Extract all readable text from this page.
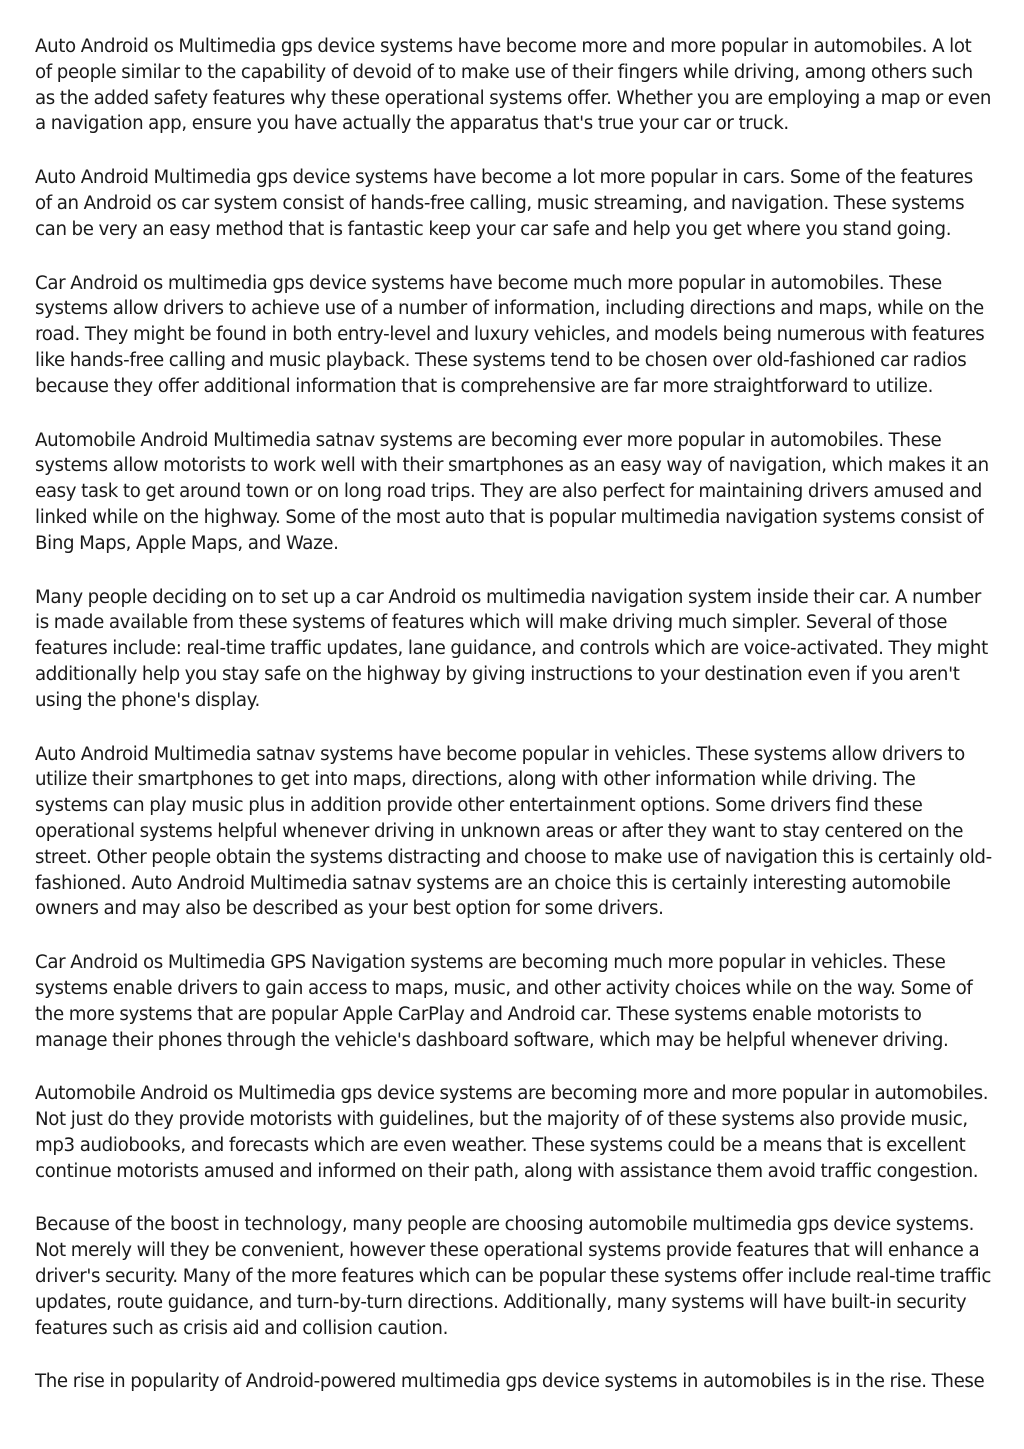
Auto Android os Multimedia gps device systems have become more and more popular in automobiles. A lot of people similar to the capability of devoid of to make use of their fingers while driving, among others such as the added safety features why these operational systems offer. Whether you are employing a map or even a navigation app, ensure you have actually the apparatus that's true your car or truck.

Auto Android Multimedia gps device systems have become a lot more popular in cars. Some of the features of an Android os car system consist of hands-free calling, music streaming, and navigation. These systems can be very an easy method that is fantastic keep your car safe and help you get where you stand going.

Car Android os multimedia gps device systems have become much more popular in automobiles. These systems allow drivers to achieve use of a number of information, including directions and maps, while on the road. They might be found in both entry-level and luxury vehicles, and models being numerous with features like hands-free calling and music playback. These systems tend to be chosen over old-fashioned car radios because they offer additional information that is comprehensive are far more straightforward to utilize.

Automobile Android Multimedia satnav systems are becoming ever more popular in automobiles. These systems allow motorists to work well with their smartphones as an easy way of navigation, which makes it an easy task to get around town or on long road trips. They are also perfect for maintaining drivers amused and linked while on the highway. Some of the most auto that is popular multimedia navigation systems consist of Bing Maps, Apple Maps, and Waze.

Many people deciding on to set up a car Android os multimedia navigation system inside their car. A number is made available from these systems of features which will make driving much simpler. Several of those features include: real-time traffic updates, lane guidance, and controls which are voice-activated. They might additionally help you stay safe on the highway by giving instructions to your destination even if you aren't using the phone's display.

Auto Android Multimedia satnav systems have become popular in vehicles. These systems allow drivers to utilize their smartphones to get into maps, directions, along with other information while driving. The systems can play music plus in addition provide other entertainment options. Some drivers find these operational systems helpful whenever driving in unknown areas or after they want to stay centered on the street. Other people obtain the systems distracting and choose to make use of navigation this is certainly old-fashioned. Auto Android Multimedia satnav systems are an choice this is certainly interesting automobile owners and may also be described as your best option for some drivers.

Car Android os Multimedia GPS Navigation systems are becoming much more popular in vehicles. These systems enable drivers to gain access to maps, music, and other activity choices while on the way. Some of the more systems that are popular Apple CarPlay and Android car. These systems enable motorists to manage their phones through the vehicle's dashboard software, which may be helpful whenever driving.

Automobile Android os Multimedia gps device systems are becoming more and more popular in automobiles. Not just do they provide motorists with guidelines, but the majority of of these systems also provide music, mp3 audiobooks, and forecasts which are even weather. These systems could be a means that is excellent continue motorists amused and informed on their path, along with assistance them avoid traffic congestion.

Because of the boost in technology, many people are choosing automobile multimedia gps device systems. Not merely will they be convenient, however these operational systems provide features that will enhance a driver's security. Many of the more features which can be popular these systems offer include real-time traffic updates, route guidance, and turn-by-turn directions. Additionally, many systems will have built-in security features such as crisis aid and collision caution.

The rise in popularity of Android-powered multimedia gps device systems in automobiles is in the rise. These
